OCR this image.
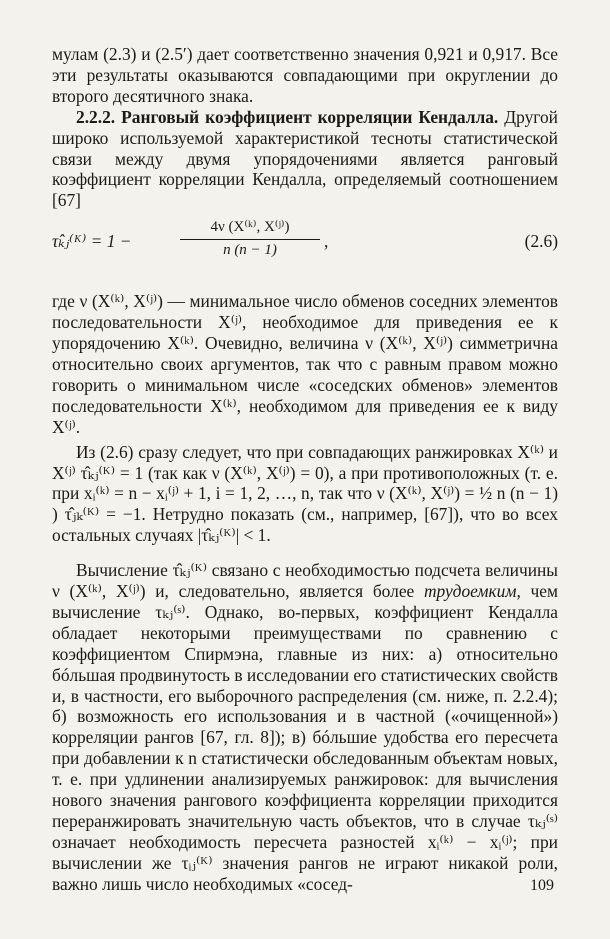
мулам (2.3) и (2.5′) дает соответственно значения 0,921 и 0,917. Все эти результаты оказываются совпадающими при округлении до второго десятичного знака.

2.2.2. Ранговый коэффициент корреляции Кендалла. Другой широко используемой характеристикой тесноты статистической связи между двумя упорядочениями является ранговый коэффициент корреляции Кендалла, определяемый соотношением [67]

τ̂ₖⱼ⁽ᴷ⁾ = 1 −	$\frac{\text{4ν (X⁽ᵏ⁾, X⁽ʲ⁾)}}{n (n - 1)}$ ,	(2.6)

где ν (X⁽ᵏ⁾, X⁽ʲ⁾) — минимальное число обменов соседних элементов последовательности X⁽ʲ⁾, необходимое для приведения ее к упорядочению X⁽ᵏ⁾. Очевидно, величина ν (X⁽ᵏ⁾, X⁽ʲ⁾) симметрична относительно своих аргументов, так что с равным правом можно говорить о минимальном числе «соседских обменов» элементов последовательности X⁽ᵏ⁾, необходимом для приведения ее к виду X⁽ʲ⁾.

Из (2.6) сразу следует, что при совпадающих ранжировках X⁽ᵏ⁾ и X⁽ʲ⁾ τ̂ₖⱼ⁽ᴷ⁾ = 1 (так как ν (X⁽ᵏ⁾, X⁽ʲ⁾) = 0), а при противоположных (т. е. при xᵢ⁽ᵏ⁾ = n − xᵢ⁽ʲ⁾ + 1, i = 1, 2, …, n, так что ν (X⁽ᵏ⁾, X⁽ʲ⁾) = ½ n (n − 1) ) τ̂ⱼₖ⁽ᴷ⁾ = −1. Нетрудно показать (см., например, [67]), что во всех остальных случаях |τ̂ₖⱼ⁽ᴷ⁾| < 1.

Вычисление τ̂ₖⱼ⁽ᴷ⁾ связано с необходимостью подсчета величины ν (X⁽ᵏ⁾, X⁽ʲ⁾) и, следовательно, является более трудоемким, чем вычисление τₖⱼ⁽ˢ⁾. Однако, во-первых, коэффициент Кендалла обладает некоторыми преимуществами по сравнению с коэффициентом Спирмэна, главные из них: а) относительно бóльшая продвинутость в исследовании его статистических свойств и, в частности, его выборочного распределения (см. ниже, п. 2.2.4); б) возможность его использования и в частной («очищенной») корреляции рангов [67, гл. 8]); в) бóльшие удобства его пересчета при добавлении к n статистически обследованным объектам новых, т. е. при удлинении анализируемых ранжировок: для вычисления нового значения рангового коэффициента корреляции приходится переранжировать значительную часть объектов, что в случае τₖⱼ⁽ˢ⁾ означает необходимость пересчета разностей xᵢ⁽ᵏ⁾ − xᵢ⁽ʲ⁾; при вычислении же τᵢⱼ⁽ᴷ⁾ значения рангов не играют никакой роли, важно лишь число необходимых «сосед-	109
